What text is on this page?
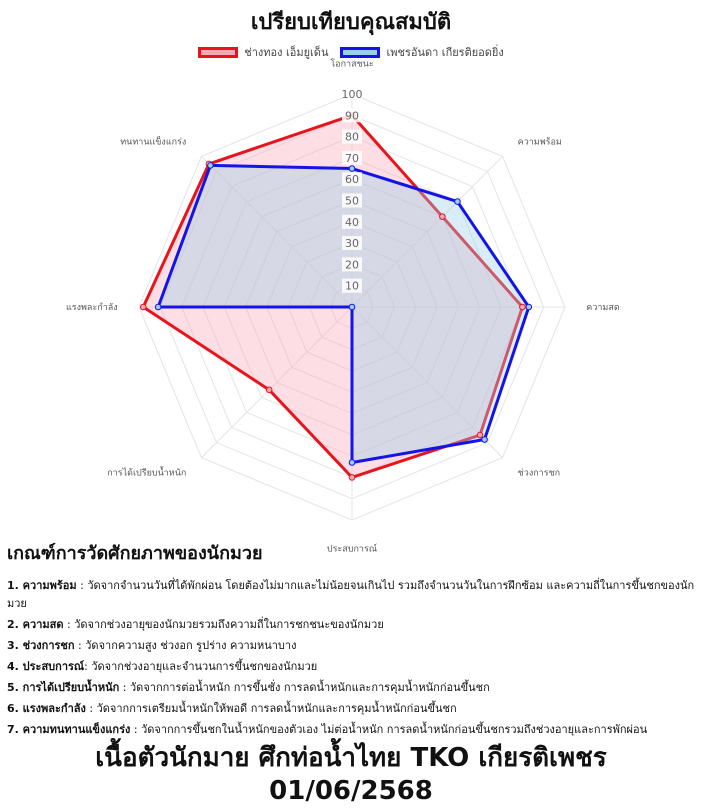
เปรียบเทียบคุณสมบัติ
ช่างทอง เอ็มยูเด็น	เพชรอันดา เกียรติยอดยิ่ง
100
90
80
70
60
50
40
30
20
10
โอกาสชนะ
ความพร้อม
ความสด
ช่วงการชก
ประสบการณ์
การได้เปรียบน้ำหนัก
แรงพละกำลัง
ทนทานแข็งแกร่ง
เกณฑ์การวัดศักยภาพของนักมวย
1. ความพร้อม : วัดจากจำนวนวันที่ได้พักผ่อน โดยต้องไม่มากและไม่น้อยจนเกินไป รวมถึงจำนวนวันในการฝึกซ้อม และความถี่ในการขึ้นชกของนักมวย
2. ความสด : วัดจากช่วงอายุของนักมวยรวมถึงความถี่ในการชกชนะของนักมวย
3. ช่วงการชก : วัดจากความสูง ช่วงอก รูปร่าง ความหนาบาง
4. ประสบการณ์: วัดจากช่วงอายุและจำนวนการขึ้นชกของนักมวย
5. การได้เปรียบน้ำหนัก : วัดจากการต่อน้ำหนัก การขึ้นชั่ง การลดน้ำหนักและการคุมน้ำหนักก่อนขึ้นชก
6. แรงพละกำลัง : วัดจากการเตรียมน้ำหนักให้พอดี การลดน้ำหนักและการคุมน้ำหนักก่อนขึ้นชก
7. ความทนทานแข็งแกร่ง : วัดจากการขึ้นชกในน้ำหนักของตัวเอง ไม่ต่อน้ำหนัก การลดน้ำหนักก่อนขึ้นชกรวมถึงช่วงอายุและการพักผ่อน
เนื้อตัวนักมาย ศึกท่อน้ำไทย TKO เกียรติเพชร
01/06/2568
